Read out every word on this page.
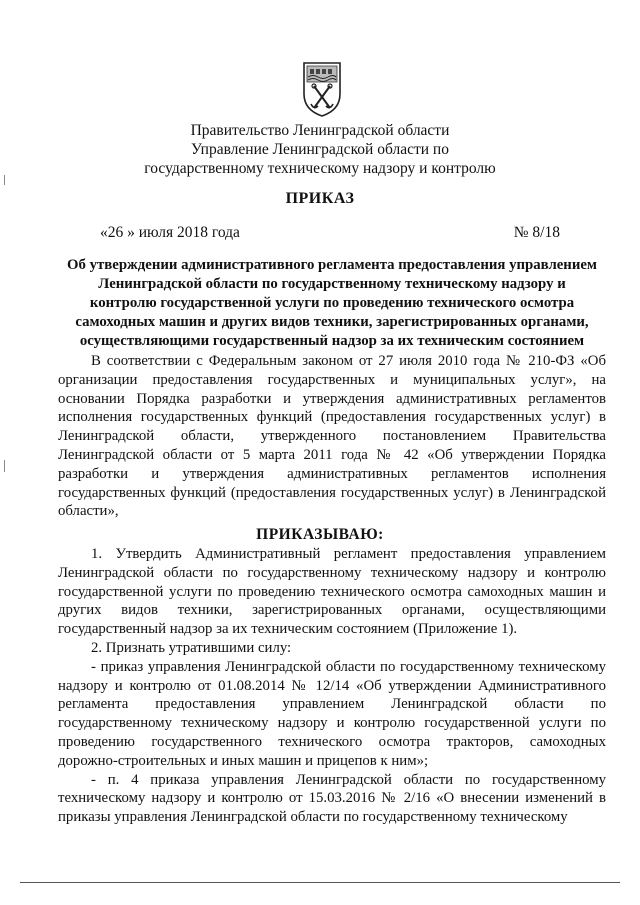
Правительство Ленинградской области
Управление Ленинградской области по
государственному техническому надзору и контролю
ПРИКАЗ
«26 » июля 2018 года	№ 8/18
Об утверждении административного регламента предоставления управлением
Ленинградской области по государственному техническому надзору и
контролю государственной услуги по проведению технического осмотра
самоходных машин и других видов техники, зарегистрированных органами,
осуществляющими государственный надзор за их техническим состоянием

В соответствии с Федеральным законом от 27 июля 2010 года № 210-ФЗ «Об организации предоставления государственных и муниципальных услуг», на основании Порядка разработки и утверждения административных регламентов исполнения государственных функций (предоставления государственных услуг) в Ленинградской области, утвержденного постановлением Правительства Ленинградской области от 5 марта 2011 года № 42 «Об утверждении Порядка разработки и утверждения административных регламентов исполнения государственных функций (предоставления государственных услуг) в Ленинградской области»,

ПРИКАЗЫВАЮ:

1. Утвердить Административный регламент предоставления управлением Ленинградской области по государственному техническому надзору и контролю государственной услуги по проведению технического осмотра самоходных машин и других видов техники, зарегистрированных органами, осуществляющими государственный надзор за их техническим состоянием (Приложение 1).

2. Признать утратившими силу:

- приказ управления Ленинградской области по государственному техническому надзору и контролю от 01.08.2014 № 12/14 «Об утверждении Административного регламента предоставления управлением Ленинградской области по государственному техническому надзору и контролю государственной услуги по проведению государственного технического осмотра тракторов, самоходных дорожно-строительных и иных машин и прицепов к ним»;

- п. 4 приказа управления Ленинградской области по государственному техническому надзору и контролю от 15.03.2016 № 2/16 «О внесении изменений в приказы управления Ленинградской области по государственному техническому
